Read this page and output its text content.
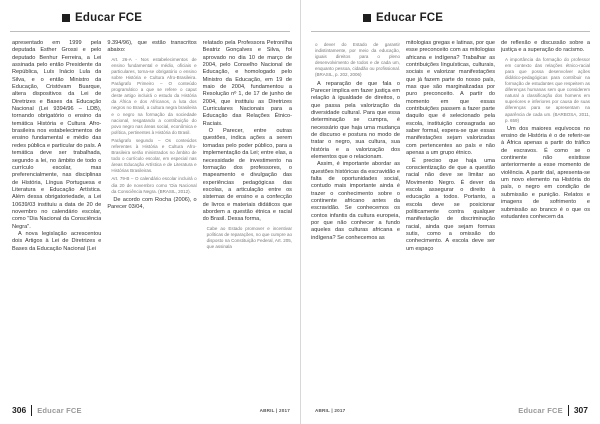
Educar FCE

apresentado em 1999 pela deputada Esther Grossi e pelo deputado Benhur Ferreira, a Lei assinada pelo então Presidente da República, Luís Inácio Lula da Silva, e o então Ministro da Educação, Cristóvam Buarque, altera dispositivos da Lei de Diretrizes e Bases da Educação Nacional (Lei 9394/96 – LDB), tornando obrigatório o ensino da temática História e Cultura Afro-brasileira nos estabelecimentos de ensino fundamental e médio das redes pública e particular do país. A temática deve ser trabalhada, segundo a lei, no âmbito de todo o currículo escolar, mas preferencialmente, nas disciplinas de História, Língua Portuguesa e Literatura e Educação Artística. Além dessa obrigatoriedade, a Lei 10639/03 instituiu a data de 20 de novembro no calendário escolar, como "Dia Nacional da Consciência Negra".

A nova legislação acrescentou dois Artigos à Lei de Diretrizes e Bases da Educação Nacional (Lei

9.394/96), que estão transcritos abaixo:

Art. 26-A - Nos estabelecimentos de ensino fundamental e médio, oficiais e particulares, torna-se obrigatório o ensino sobre História e Cultura Afro-Brasileira. Parágrafo Primeiro – O conteúdo programático a que se refere o caput deste artigo incluirá o estudo da História da África e dos Africanos, a luta dos negros no Brasil, a cultura negra brasileira e o negro na formação da sociedade nacional, resgatando a contribuição do povo negro nas áreas social, econômica e política, pertinentes à História do Brasil.

Parágrafo segundo – Os conteúdos referentes à História e Cultura Afro-Brasileira serão ministrados no âmbito de todo o currículo escolar, em especial nas áreas Educação Artística e de Literatura e Histórias Brasileiras.

Art. 79-B – O calendário escolar incluirá o dia 20 de novembro como 'Dia Nacional da Consciência Negra. (BRASIL, 2012).

De acordo com Rocha (2006), o Parecer 03/04,

relatado pela Professora Petronilha Beatriz Gonçalves e Silva, foi aprovado no dia 10 de março de 2004, pelo Conselho Nacional de Educação, e homologado pelo Ministro da Educação, em 19 de maio de 2004, fundamentou a Resolução nº 1, de 17 de junho de 2004, que instituiu as Diretrizes Curriculares Nacionais para a Educação das Relações Étnico-Raciais.

O Parecer, entre outras questões, indica ações a serem tomadas pelo poder público, para a implementação da Lei; entre elas, a necessidade de investimento na formação dos professores, o mapeamento e divulgação das experiências pedagógicas das escolas, a articulação entre os sistemas de ensino e a confecção de livros e materiais didáticos que abordem a questão étnica e racial do Brasil. Dessa forma,

Cabe ao Estado promover e incentivar políticas de reparações, no que cumpre ao disposto na Constituição Federal, Art. 205, que assinala

306 Educar FCE	ABRIL | 2017
Educar FCE

o dever do Estado de garantir indistintamente, por meio da educação, iguais direitos para o pleno desenvolvimento de todos e de cada um, enquanto pessoa, cidadão ou profissional. (BRASIL, p. 202, 2006)

A reparação de que fala o Parecer implica em fazer justiça em relação à igualdade de direitos, o que passa pela valorização da diversidade cultural. Para que essa determinação se cumpra, é necessário que haja uma mudança de discurso e postura no modo de tratar o negro, sua cultura, sua história e a valorização dos elementos que o relacionam.

Assim, é importante abordar as questões históricas da escravidão e falta de oportunidades social, contudo mais importante ainda é trazer o conhecimento sobre o continente africano antes da escravidão. Se conhecemos os contos infantis da cultura europeia, por que não conhecer a fundo aqueles das culturas africana e indígena? Se conhecemos as

mitologias gregas e latinas, por que esse preconceito com as mitologias africana e indígena? Trabalhar as contribuições linguísticas, culturais, sociais e valorizar manifestações que já fazem parte do nosso país, mas que são marginalizadas por puro preconceito. A partir do momento em que essas contribuições passem a fazer parte daquilo que é selecionado pela escola, instituição consagrada ao saber formal, espera-se que essas manifestações sejam valorizadas com pertencentes ao país e não apenas a um grupo étnico.

É preciso que haja uma conscientização de que a questão racial não deve se limitar ao Movimento Negro. É dever da escola assegurar o direito à educação a todos. Portanto, a escola deve se posicionar politicamente contra qualquer manifestação de discriminação racial, ainda que sejam formas sutis, como a omissão do conhecimento. A escola deve ser um espaço

de reflexão e discussão sobre a justiça e a superação do racismo.

A importância da formação do professor em contexto das relações étnico-racial para que possa desenvolver ações didático-pedagógicas para contribuir na formação de estudantes que respeitem as diferenças humanas sem que considerem natural a classificação dos homens em superiores e inferiores por causa de suas diferenças para se apresentam na aparência de cada um. (BARBOSA, 2011, p. 659)

Um dos maiores equívocos no ensino de História é o de referir-se à África apenas a partir do tráfico de escravos. É como se o continente não existisse anteriormente a esse momento de violência. A partir daí, apresenta-se um novo elemento na História do país, o negro em condição de submissão e punição. Relatos e imagens de sofrimento e submissão ao branco é o que os estudantes conhecem da

ABRIL | 2017	Educar FCE 307
